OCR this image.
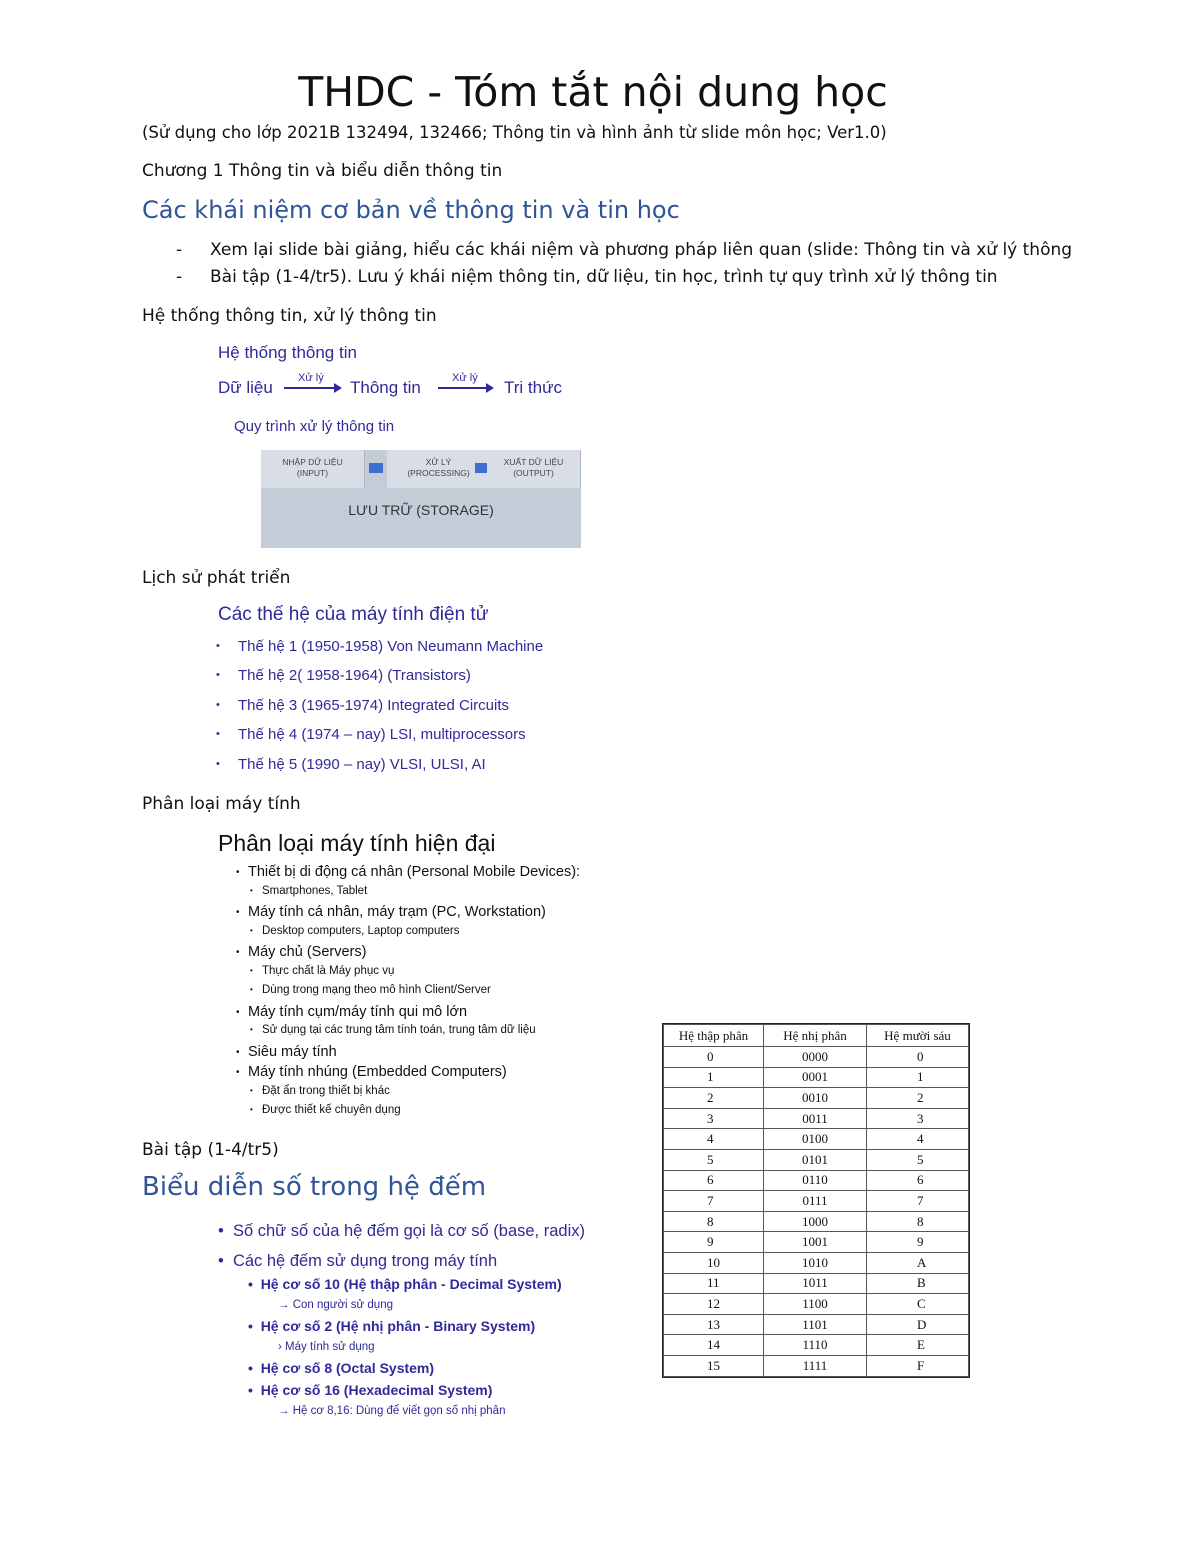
THDC - Tóm tắt nội dung học
(Sử dụng cho lớp 2021B 132494, 132466; Thông tin và hình ảnh từ slide môn học; Ver1.0)
Chương 1 Thông tin và biểu diễn thông tin
Các khái niệm cơ bản về thông tin và tin học
- Xem lại slide bài giảng, hiểu các khái niệm và phương pháp liên quan (slide: Thông tin và xử lý thông
- Bài tập (1-4/tr5). Lưu ý khái niệm thông tin, dữ liệu, tin học, trình tự quy trình xử lý thông tin
Hệ thống thông tin, xử lý thông tin
Hệ thống thông tin
Dữ liệu Xử lý Thông tin	Xử lý Tri thức
Quy trình xử lý thông tin
NHẬP DỮ LIỆU
(INPUT)
XỬ LÝ
(PROCESSING)
XUẤT DỮ LIỆU
(OUTPUT)
LƯU TRỮ (STORAGE)
Lịch sử phát triển
Các thế hệ của máy tính điện tử
• Thế hệ 1 (1950-1958) Von Neumann Machine
• Thế hệ 2( 1958-1964) (Transistors)
• Thế hệ 3 (1965-1974) Integrated Circuits
• Thế hệ 4 (1974 – nay) LSI, multiprocessors
• Thế hệ 5 (1990 – nay) VLSI, ULSI, AI
Phân loại máy tính
Phân loại máy tính hiện đại
• Thiết bị di động cá nhân (Personal Mobile Devices):
• Smartphones, Tablet
• Máy tính cá nhân, máy trạm (PC, Workstation)
• Desktop computers, Laptop computers
• Máy chủ (Servers)
• Thực chất là Máy phục vụ
• Dùng trong mạng theo mô hình Client/Server
• Máy tính cụm/máy tính qui mô lớn
• Sử dụng tại các trung tâm tính toán, trung tâm dữ liệu
• Siêu máy tính
• Máy tính nhúng (Embedded Computers)
• Đặt ẩn trong thiết bị khác
• Được thiết kế chuyên dụng
Bài tập (1-4/tr5)
Biểu diễn số trong hệ đếm
•  Số chữ số của hệ đếm gọi là cơ số (base, radix)
•  Các hệ đếm sử dụng trong máy tính
•  Hệ cơ số 10 (Hệ thập phân - Decimal System)
→ Con người sử dụng
•  Hệ cơ số 2 (Hệ nhị phân - Binary System)
› Máy tính sử dụng
•  Hệ cơ số 8 (Octal System)
•  Hệ cơ số 16 (Hexadecimal System)
→ Hệ cơ 8,16: Dùng để viết gọn số nhị phân
Hệ thập phân	Hệ nhị phân	Hệ mười sáu
0	0000	0
1	0001	1
2	0010	2
3	0011	3
4	0100	4
5	0101	5
6	0110	6
7	0111	7
8	1000	8
9	1001	9
10	1010	A
11	1011	B
12	1100	C
13	1101	D
14	1110	E
15	1111	F
